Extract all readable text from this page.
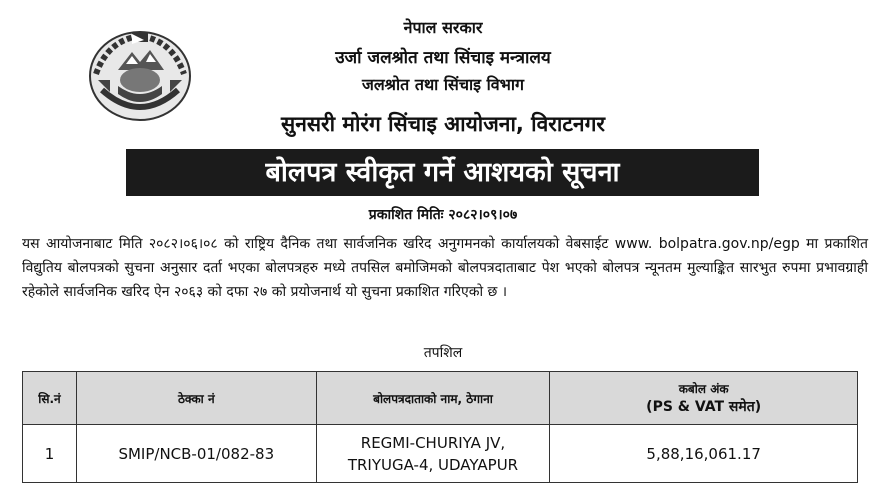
नेपाल सरकार
उर्जा जलश्रोत तथा सिंचाइ मन्त्रालय
जलश्रोत तथा सिंचाइ विभाग
सुनसरी मोरंग सिंचाइ आयोजना, विराटनगर
बोलपत्र स्वीकृत गर्ने आशयको सूचना
प्रकाशित मितिः २०८२।०९।०७

यस आयोजनाबाट मिति २०८२।०६।०८ को राष्ट्रिय दैनिक तथा सार्वजनिक खरिद अनुगमनको कार्यालयको वेबसाईट www. bolpatra.gov.np/egp मा प्रकाशित विद्युतिय बोलपत्रको सुचना अनुसार दर्ता भएका बोलपत्रहरु मध्ये तपसिल बमोजिमको बोलपत्रदाताबाट पेश भएको बोलपत्र न्यूनतम मुल्याङ्कित सारभुत रुपमा प्रभावग्राही रहेकोले सार्वजनिक खरिद ऐन २०६३ को दफा २७ को प्रयोजनार्थ यो सुचना प्रकाशित गरिएको छ ।

तपशिल
सि.नं	ठेक्का नं	बोलपत्रदाताको नाम, ठेगाना	कबोल अंक
(PS & VAT समेत)

1	SMIP/NCB-01/082-83	REGMI-CHURIYA JV,
TRIYUGA-4, UDAYAPUR	5,88,16,061.17
